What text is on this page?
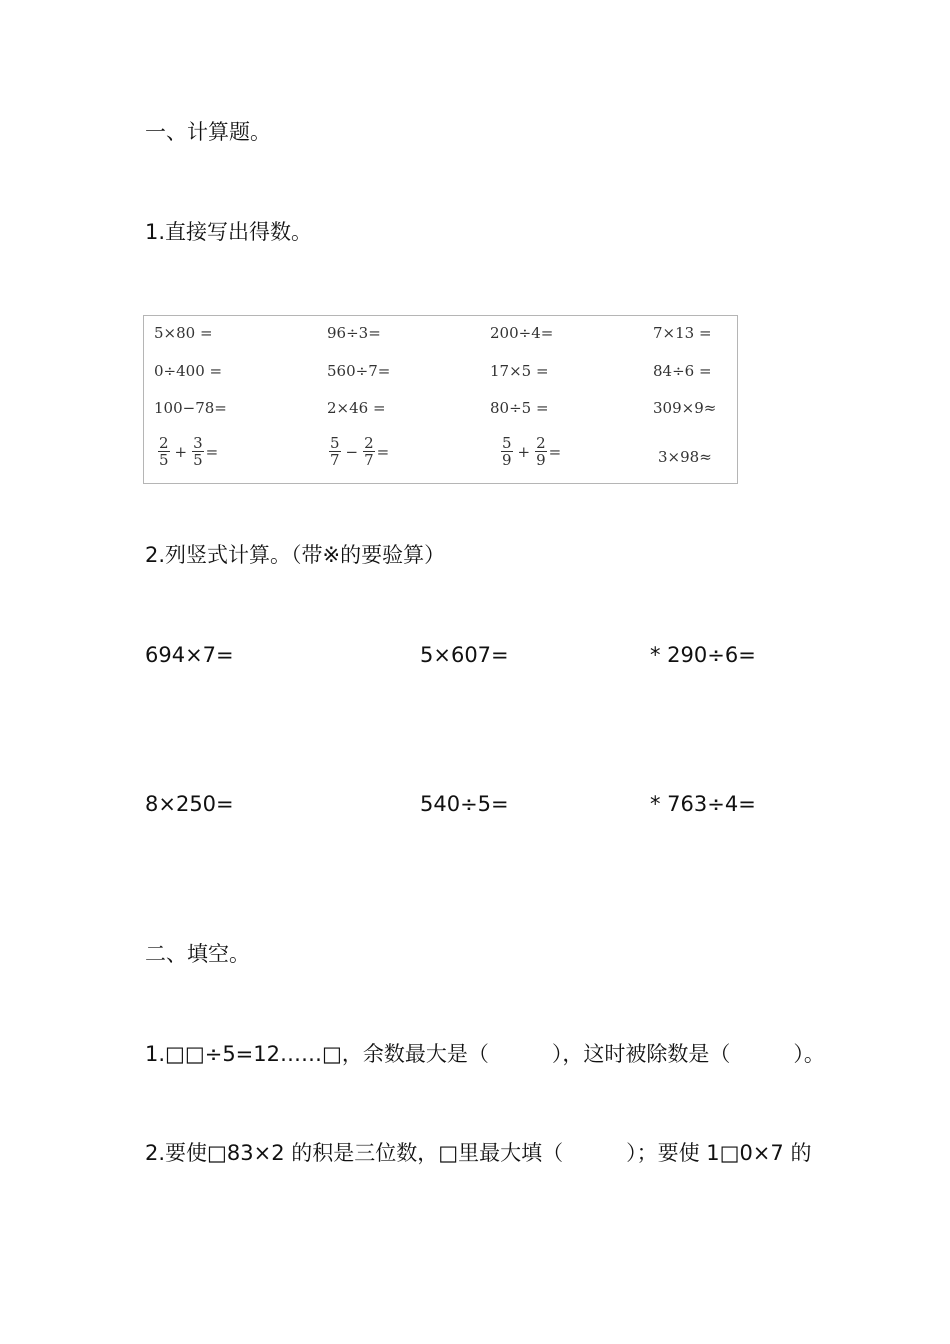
一、计算题。
1.直接写出得数。
5×80 =	96÷3=	200÷4=	7×13 =
0÷400 =	560÷7=	17×5 =	84÷6 =
100−78=	2×46 =	80÷5 =	309×9≈
$\frac{2}{5} + \frac{3}{5}$ =	$\frac{5}{7} - \frac{2}{7}$ =	$\frac{5}{9} + \frac{2}{9}$ =	3×98≈
2.列竖式计算。（带※的要验算）
694×7=	5×607=	* 290÷6=
8×250=	540÷5=	* 763÷4=
二、填空。
1.□□÷5=12……□，余数最大是（　　　），这时被除数是（　　　）。
2.要使□83×2 的积是三位数，□里最大填（　　　）；要使 1□0×7 的
